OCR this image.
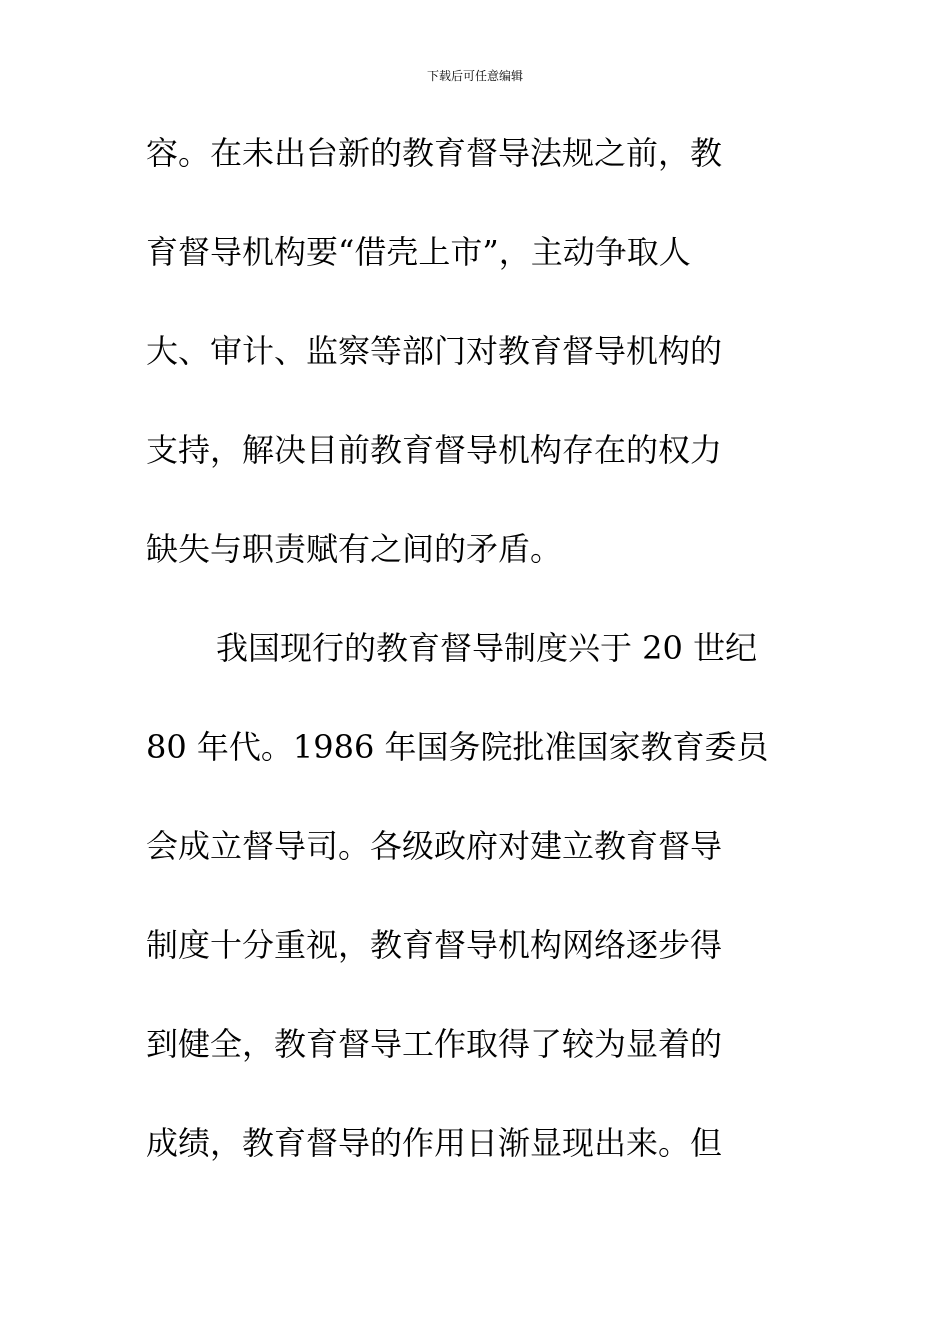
下载后可任意编辑
容。在未出台新的教育督导法规之前，教
育督导机构要“借壳上市”，主动争取人
大、审计、监察等部门对教育督导机构的
支持，解决目前教育督导机构存在的权力
缺失与职责赋有之间的矛盾。
我国现行的教育督导制度兴于 20 世纪
80 年代。1986 年国务院批准国家教育委员
会成立督导司。各级政府对建立教育督导
制度十分重视，教育督导机构网络逐步得
到健全，教育督导工作取得了较为显着的
成绩，教育督导的作用日渐显现出来。但
